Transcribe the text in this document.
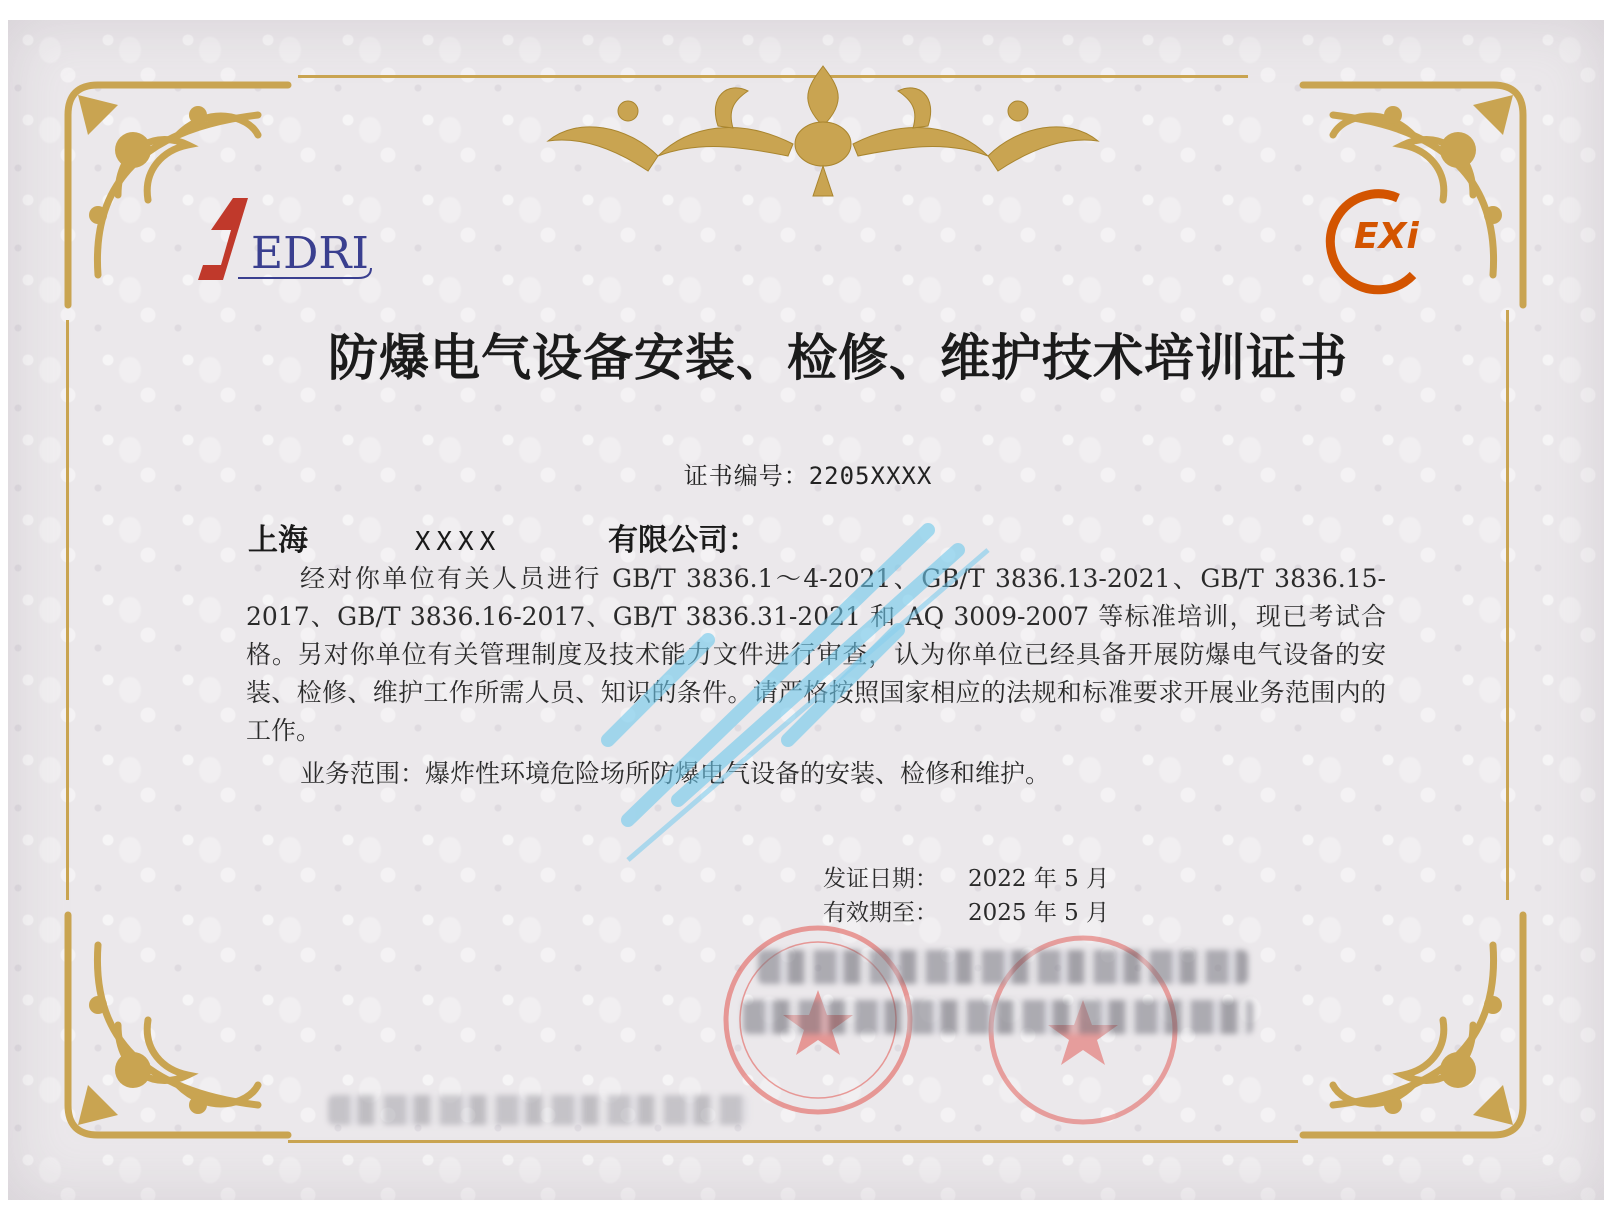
EDRI	EXi
防爆电气设备安装、检修、维护技术培训证书
证书编号：2205XXXX
上海	XXXX	有限公司：

经对你单位有关人员进行 GB/T 3836.1～4-2021、GB/T 3836.13-2021、GB/T 3836.15-2017、GB/T 3836.16-2017、GB/T 3836.31-2021 和 AQ 3009-2007 等标准培训，现已考试合格。另对你单位有关管理制度及技术能力文件进行审查，认为你单位已经具备开展防爆电气设备的安装、检修、维护工作所需人员、知识的条件。请严格按照国家相应的法规和标准要求开展业务范围内的工作。

业务范围：爆炸性环境危险场所防爆电气设备的安装、检修和维护。

发证日期： 2022 年 5 月
有效期至： 2025 年 5 月
